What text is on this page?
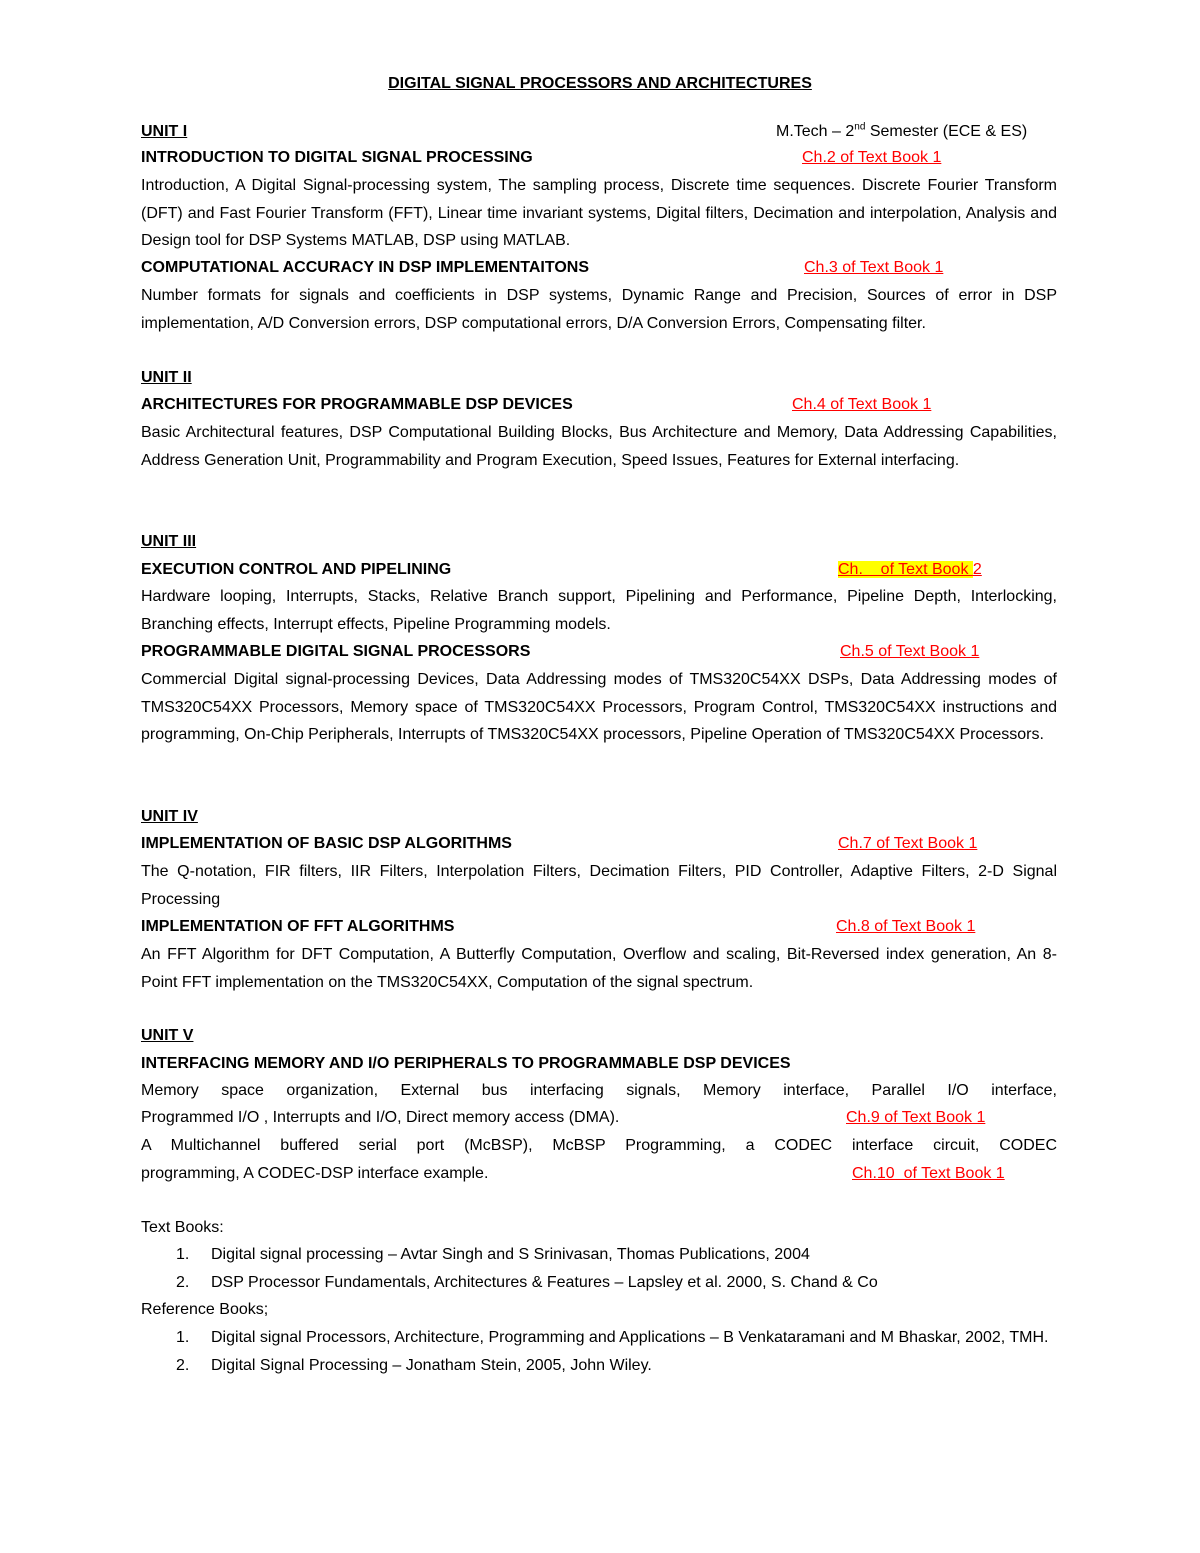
DIGITAL SIGNAL PROCESSORS AND ARCHITECTURES
UNIT I	M.Tech – 2nd Semester (ECE & ES)
INTRODUCTION TO DIGITAL SIGNAL PROCESSING	Ch.2 of Text Book 1
Introduction, A Digital Signal-processing system, The sampling process, Discrete time sequences. Discrete Fourier Transform (DFT) and Fast Fourier Transform (FFT), Linear time invariant systems, Digital filters, Decimation and interpolation, Analysis and Design tool for DSP Systems MATLAB, DSP using MATLAB.
COMPUTATIONAL ACCURACY IN DSP IMPLEMENTAITONS	Ch.3 of Text Book 1
Number formats for signals and coefficients in DSP systems, Dynamic Range and Precision, Sources of error in DSP implementation, A/D Conversion errors, DSP computational errors, D/A Conversion Errors, Compensating filter.
UNIT II
ARCHITECTURES FOR PROGRAMMABLE DSP DEVICES	Ch.4 of Text Book 1
Basic Architectural features, DSP Computational Building Blocks, Bus Architecture and Memory, Data Addressing Capabilities, Address Generation Unit, Programmability and Program Execution, Speed Issues, Features for External interfacing.
UNIT III
EXECUTION CONTROL AND PIPELINING	Ch.    of Text Book 2
Hardware looping, Interrupts, Stacks, Relative Branch support, Pipelining and Performance, Pipeline Depth, Interlocking, Branching effects, Interrupt effects, Pipeline Programming models.
PROGRAMMABLE DIGITAL SIGNAL PROCESSORS	Ch.5 of Text Book 1
Commercial Digital signal-processing Devices, Data Addressing modes of TMS320C54XX DSPs, Data Addressing modes of TMS320C54XX Processors, Memory space of TMS320C54XX Processors, Program Control, TMS320C54XX instructions and programming, On-Chip Peripherals, Interrupts of TMS320C54XX processors, Pipeline Operation of TMS320C54XX Processors.
UNIT IV
IMPLEMENTATION OF BASIC DSP ALGORITHMS	Ch.7 of Text Book 1
The Q-notation, FIR filters, IIR Filters, Interpolation Filters, Decimation Filters, PID Controller, Adaptive Filters, 2-D Signal Processing
IMPLEMENTATION OF FFT ALGORITHMS	Ch.8 of Text Book 1
An FFT Algorithm for DFT Computation, A Butterfly Computation, Overflow and scaling, Bit-Reversed index generation, An 8-Point FFT implementation on the TMS320C54XX, Computation of the signal spectrum.
UNIT V
INTERFACING MEMORY AND I/O PERIPHERALS TO PROGRAMMABLE DSP DEVICES
Memory space organization, External bus interfacing signals, Memory interface, Parallel I/O interface,
Programmed I/O , Interrupts and I/O, Direct memory access (DMA).	Ch.9 of Text Book 1
A Multichannel buffered serial port (McBSP), McBSP Programming, a CODEC interface circuit, CODEC
programming, A CODEC-DSP interface example.	Ch.10  of Text Book 1
Text Books:
1. Digital signal processing – Avtar Singh and S Srinivasan, Thomas Publications, 2004
2. DSP Processor Fundamentals, Architectures & Features – Lapsley et al. 2000, S. Chand & Co
Reference Books;
1. Digital signal Processors, Architecture, Programming and Applications – B Venkataramani and M Bhaskar, 2002, TMH.
2. Digital Signal Processing – Jonatham Stein, 2005, John Wiley.
